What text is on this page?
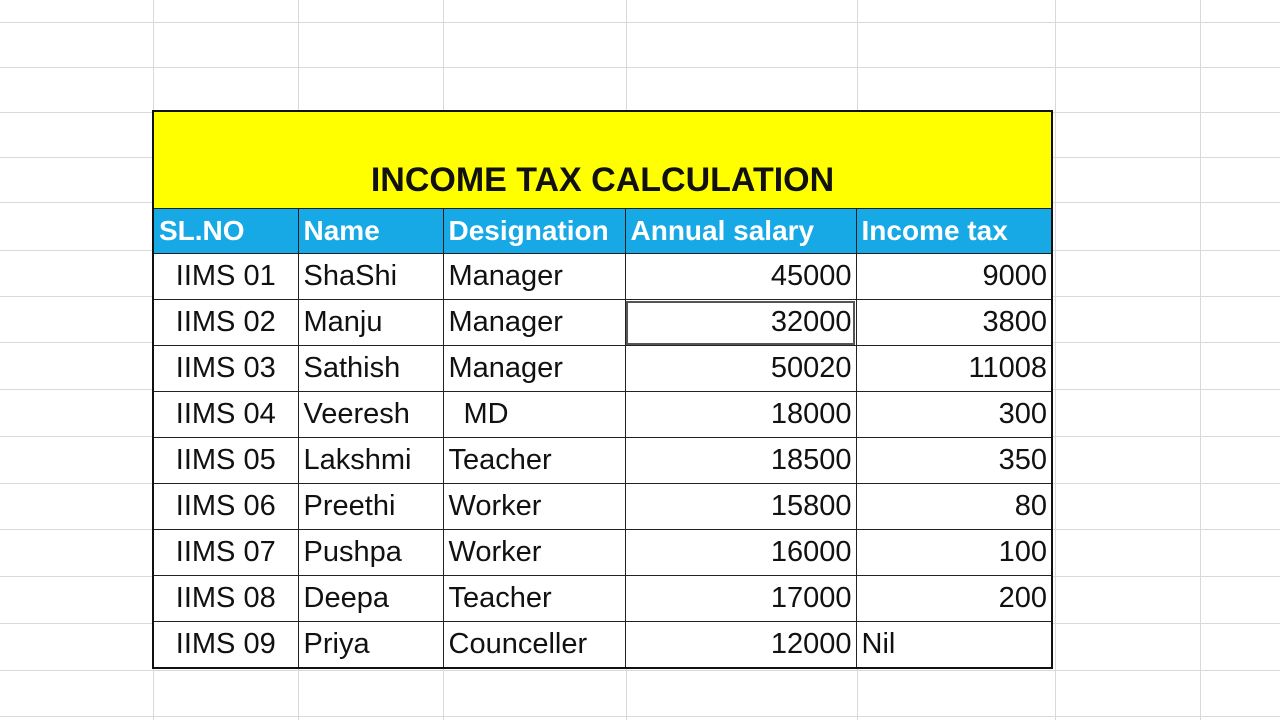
INCOME TAX CALCULATION				
SL.NO	Name	Designation	Annual salary	Income tax
IIMS 01	ShaShi	Manager	45000	9000
IIMS 02	Manju	Manager	32000	3800
IIMS 03	Sathish	Manager	50020	11008
IIMS 04	Veeresh	MD	18000	300
IIMS 05	Lakshmi	Teacher	18500	350
IIMS 06	Preethi	Worker	15800	80
IIMS 07	Pushpa	Worker	16000	100
IIMS 08	Deepa	Teacher	17000	200
IIMS 09	Priya	Counceller	12000	Nil
